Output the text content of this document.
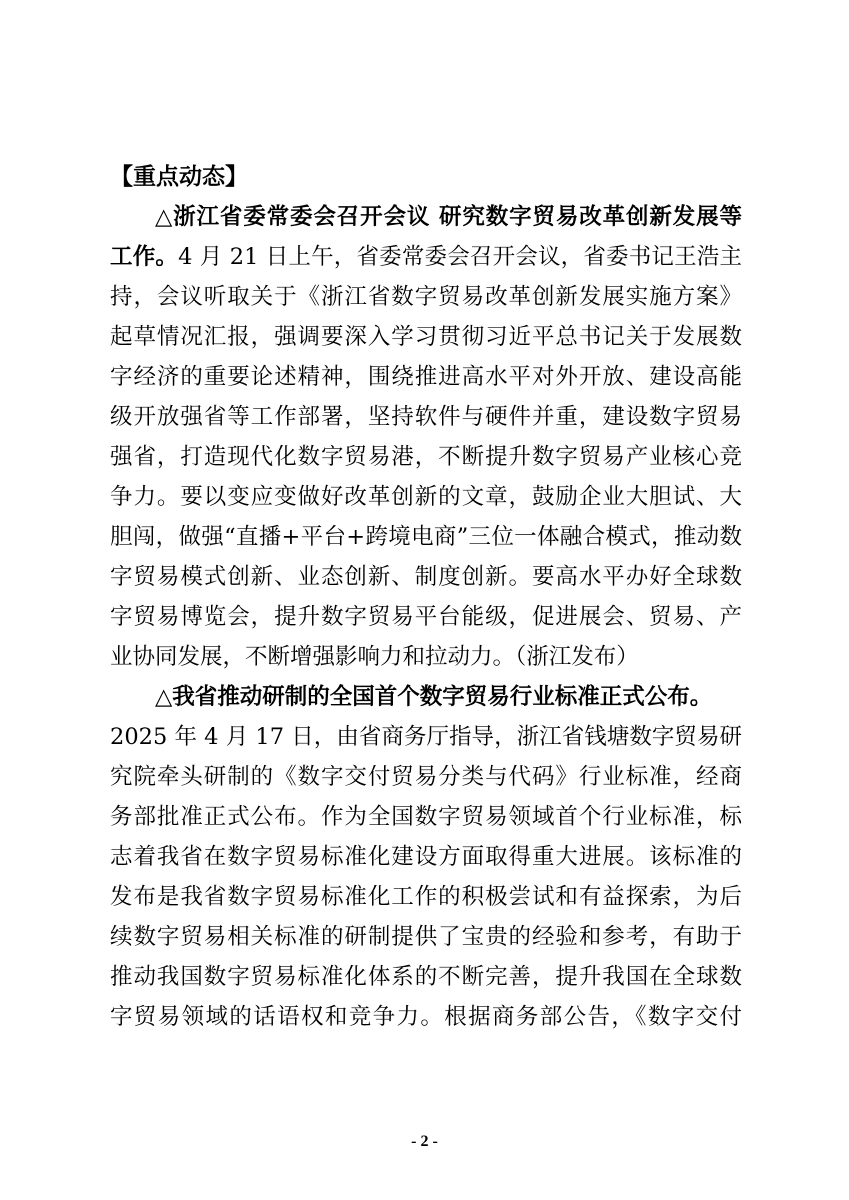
【重点动态】
△浙江省委常委会召开会议 研究数字贸易改革创新发展等
工作。4 月 21 日上午，省委常委会召开会议，省委书记王浩主
持，会议听取关于《浙江省数字贸易改革创新发展实施方案》
起草情况汇报，强调要深入学习贯彻习近平总书记关于发展数
字经济的重要论述精神，围绕推进高水平对外开放、建设高能
级开放强省等工作部署，坚持软件与硬件并重，建设数字贸易
强省，打造现代化数字贸易港，不断提升数字贸易产业核心竞
争力。要以变应变做好改革创新的文章，鼓励企业大胆试、大
胆闯，做强“直播+平台+跨境电商”三位一体融合模式，推动数
字贸易模式创新、业态创新、制度创新。要高水平办好全球数
字贸易博览会，提升数字贸易平台能级，促进展会、贸易、产
业协同发展，不断增强影响力和拉动力。（浙江发布）
△我省推动研制的全国首个数字贸易行业标准正式公布。
2025 年 4 月 17 日，由省商务厅指导，浙江省钱塘数字贸易研
究院牵头研制的《数字交付贸易分类与代码》行业标准，经商
务部批准正式公布。作为全国数字贸易领域首个行业标准，标
志着我省在数字贸易标准化建设方面取得重大进展。该标准的
发布是我省数字贸易标准化工作的积极尝试和有益探索，为后
续数字贸易相关标准的研制提供了宝贵的经验和参考，有助于
推动我国数字贸易标准化体系的不断完善，提升我国在全球数
字贸易领域的话语权和竞争力。根据商务部公告，《数字交付
- 2 -
